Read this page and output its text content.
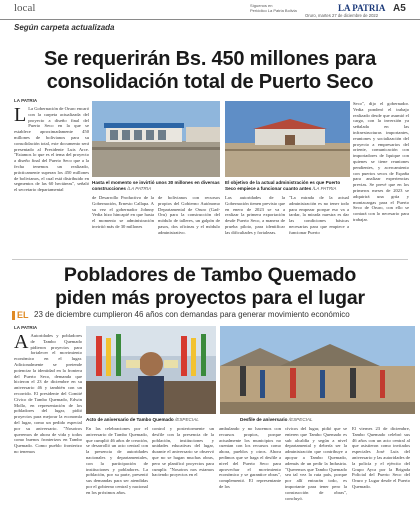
local	Síguenos en
Periódico La Patria Bolivia	LA PATRIA
Oruro, martes 27 de diciembre de 2022
A5
Según carpeta actualizada
Se requerirán Bs. 450 millones para
consolidación total de Puerto Seco
LA PATRIA
L La Gobernación de Oruro encaró con la carpeta actualizada del proyecto a diseño final del Puerto Seco en la que se establece aproximadamente 450 millones de bolivianos para su consolidación total, este documento será presentado al Presidente Luis Arce. "Estamos lo que es el tema del proyecto a diseño final del Puerto Seco que a la fecha tenemos un realizado, prácticamente superan los 450 millones de bolivianos, el cual está distribuido en segmentos de las 60 hectáreas", señaló el secretario departamental
Hasta el momento se invirtió unos 30 millones en diversas construcciones /LA PATRIA
El objetivo de la actual administración es que Puerto Seco empiece a funcionar cuanto antes /LA PATRIA
de Desarrollo Productivo de la Gobernación, Ernesto Callapa. A su vez el gobernador Johnny Vedia hizo hincapié en que hasta el momento se administración invirtió más de 30 millones
de bolivianos con recursos propios del Gobierno Autónomo Departamental de Oruro (Gad-Oru) para la construcción del módulo de talleres, un galpón de pasos, dos oficinas y el módulo administrativo.
Las autoridades de la Gobernación tienen previsto que en enero de 2023 se va a realizar la primera exportación desde Puerto Seco, a manera de prueba piloto, para identificar las dificultades y fortalezas.
"La mirada de la actual administración es no tener todo para empezar porque eso va a tardar, la mirada nuestra es dar las condiciones básicas necesarias para que empiece a funcionar Puerto
Seco", dijo el gobernador. Vedia ponderó el trabajo realizado desde que asumió el cargo, con la inversión ya señalada en las infraestructuras importantes, reuniones y socialización del proyecto a empresarios del oriente, comunicación con importadores de Iquique con quienes se tiene reuniones pendientes, y acercamiento con puertos secos de España para analizar experiencias previas. Se prevé que en los primeros meses de 2023 se adquirirá una grúa y montacargas para el Puerto Seco de Oruro, con ello se contará con lo necesario para trabajar.
Pobladores de Tambo Quemado
piden más proyectos para el lugar
EL 23 de diciembre cumplieron 46 años con demandas para generar movimiento económico
LA PATRIA
A Autoridades y pobladores de Tambo Quemado pidieron proyectos para fortalecer el movimiento económico en el lugar. Adicionalmente se pretende potenciar la identidad en la frontera del Puerto Seco, demanda que hicieron el 23 de diciembre en su aniversario 46 y también con un recorrido. El presidente del Comité Cívico de Tambo Quemado, Edwin Mollo, en representación de los pobladores del lugar, pidió proyectos para mejorar la economía del lugar, como un pedido especial por su aniversario. "Nosotros queremos de ahora de vida y todos como buenos fronterizos en Tambo Quemado. Como pueblo fronterizo no tenemos
Acto de aniversario de Tambo Quemado /ESPECIAL	Desfile de aniversario /ESPECIAL
En las celebraciones por el aniversario de Tambo Quemado, que cumplió 46 años de creación, se desarrolló un acto central con la presencia de autoridades nacionales y departamentales, con la participación de instituciones y pobladores. La población, por su parte, presentó sus demandas para ser atendidas por el gobierno central y nacional en los próximos años.
control y posteriormente un desfile con la presencia de la población, instituciones y unidades educativas del lugar, durante el aniversario se observó que no se hagan muchas obras, pero se planificó proyectos para cumplir. "Nosotros nos estamos haciendo proyectos en el
ambulando y no hacemos con recursos propios, porque actualmente los municipios no cuentan con los recursos como ahora, pueblos y otros. Ahora pedimos que se haga el desfile a nivel del Puerto Seco para aprovechar el movimiento económico y se garantice obras", complementó. El representante de los
cívicos del lugar, pidió que se enteren que Tambo Quemado es sub alcaldía y según a nivel departamental y debería ser la administración que contribuye a apoyar a Tambo Quemado, además de un pedir la Industria. "Queremos que Tambo Quemado sea tal vez la ruta país, porque por allí entrarán todo, es importante para tener pero la construcción de obras", concluyó.
El viernes 23 de diciembre, Tambo Quemado celebró sus 46 años con un acto central al que asistieron como invitados especiales José Luis del aniversario y las autoridades de la policía y el ejército del Grupo Ayca por la Brigada Policial del Puerto Seco del Oruro y Lugar desde el Puerto Quemado.
